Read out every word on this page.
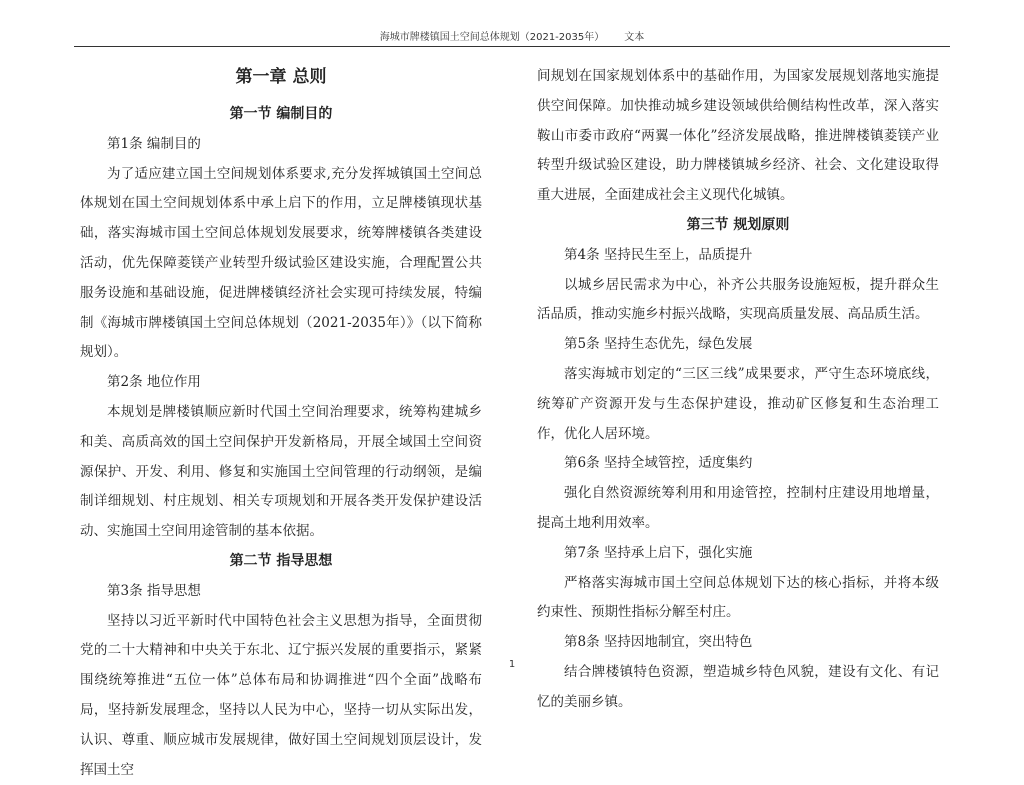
海城市牌楼镇国土空间总体规划（2021-2035年） 文本

第一章 总则

第一节 编制目的

第1条 编制目的

为了适应建立国土空间规划体系要求,充分发挥城镇国土空间总体规划在国土空间规划体系中承上启下的作用，立足牌楼镇现状基础，落实海城市国土空间总体规划发展要求，统筹牌楼镇各类建设活动，优先保障菱镁产业转型升级试验区建设实施，合理配置公共服务设施和基础设施，促进牌楼镇经济社会实现可持续发展，特编制《海城市牌楼镇国土空间总体规划（2021-2035年）》（以下简称规划）。

第2条 地位作用

本规划是牌楼镇顺应新时代国土空间治理要求，统筹构建城乡和美、高质高效的国土空间保护开发新格局，开展全域国土空间资源保护、开发、利用、修复和实施国土空间管理的行动纲领，是编制详细规划、村庄规划、相关专项规划和开展各类开发保护建设活动、实施国土空间用途管制的基本依据。

第二节 指导思想

第3条 指导思想

坚持以习近平新时代中国特色社会主义思想为指导，全面贯彻党的二十大精神和中央关于东北、辽宁振兴发展的重要指示，紧紧围绕统筹推进“五位一体”总体布局和协调推进“四个全面”战略布局，坚持新发展理念，坚持以人民为中心，坚持一切从实际出发，认识、尊重、顺应城市发展规律，做好国土空间规划顶层设计，发挥国土空

间规划在国家规划体系中的基础作用，为国家发展规划落地实施提供空间保障。加快推动城乡建设领域供给侧结构性改革，深入落实鞍山市委市政府“两翼一体化”经济发展战略，推进牌楼镇菱镁产业转型升级试验区建设，助力牌楼镇城乡经济、社会、文化建设取得重大进展，全面建成社会主义现代化城镇。

第三节 规划原则

第4条 坚持民生至上，品质提升

以城乡居民需求为中心，补齐公共服务设施短板，提升群众生活品质，推动实施乡村振兴战略，实现高质量发展、高品质生活。

第5条 坚持生态优先，绿色发展

落实海城市划定的“三区三线”成果要求，严守生态环境底线，统筹矿产资源开发与生态保护建设，推动矿区修复和生态治理工作，优化人居环境。

第6条 坚持全域管控，适度集约

强化自然资源统筹利用和用途管控，控制村庄建设用地增量，提高土地利用效率。

第7条 坚持承上启下，强化实施

严格落实海城市国土空间总体规划下达的核心指标，并将本级约束性、预期性指标分解至村庄。

第8条 坚持因地制宜，突出特色

结合牌楼镇特色资源，塑造城乡特色风貌，建设有文化、有记忆的美丽乡镇。

1
